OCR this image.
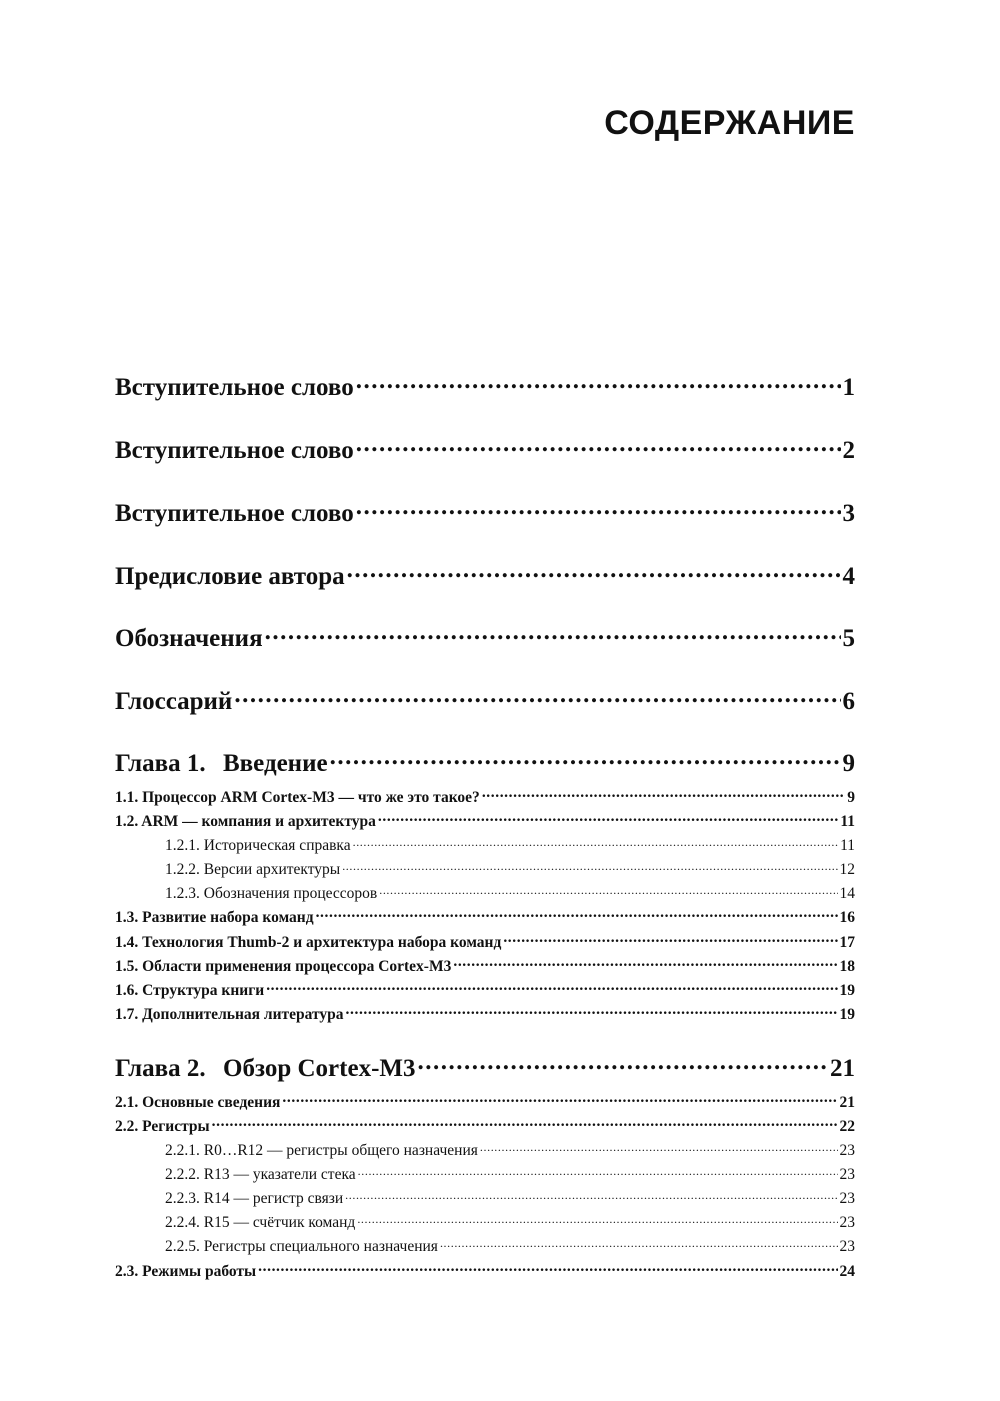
СОДЕРЖАНИЕ
Вступительное слово .....	1
Вступительное слово .....	2
Вступительное слово .....	3
Предисловие автора .....	4
Обозначения .....	5
Глоссарий .....	6
Глава 1. Введение .....	9
1.1. Процессор ARM Cortex-M3 — что же это такое? .....	9
1.2. ARM — компания и архитектура .....	11
1.2.1. Историческая справка .....	11
1.2.2. Версии архитектуры .....	12
1.2.3. Обозначения процессоров .....	14
1.3. Развитие набора команд .....	16
1.4. Технология Thumb-2 и архитектура набора команд .....	17
1.5. Области применения процессора Cortex-M3 .....	18
1.6. Структура книги .....	19
1.7. Дополнительная литература .....	19
Глава 2. Обзор Cortex-M3 .....	21
2.1. Основные сведения .....	21
2.2. Регистры .....	22
2.2.1. R0…R12 — регистры общего назначения .....	23
2.2.2. R13 — указатели стека .....	23
2.2.3. R14 — регистр связи .....	23
2.2.4. R15 — счётчик команд .....	23
2.2.5. Регистры специального назначения .....	23
2.3. Режимы работы .....	24
